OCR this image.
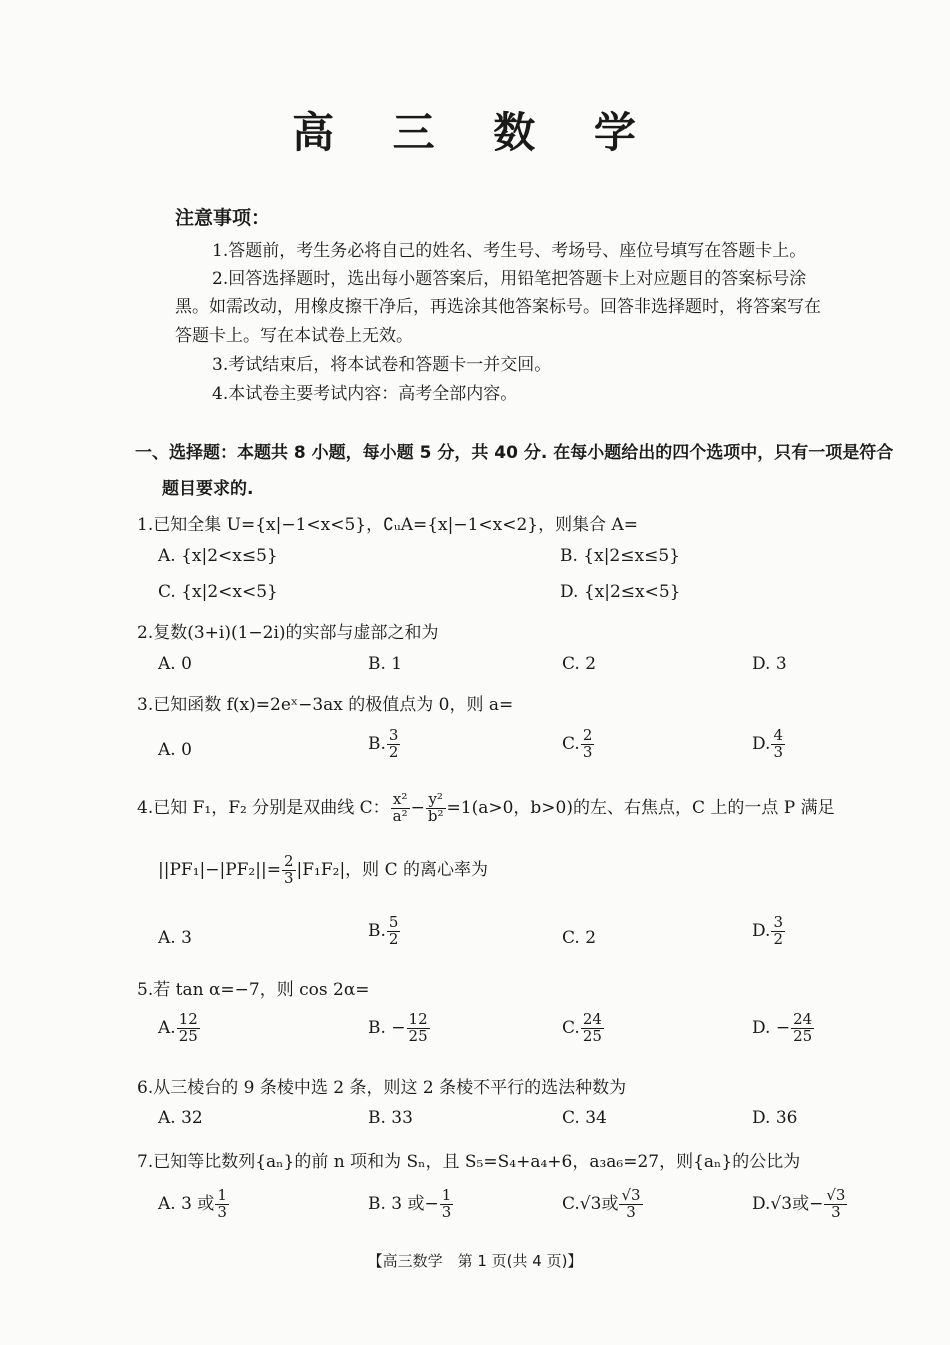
高 三 数 学
注意事项：
1.答题前，考生务必将自己的姓名、考生号、考场号、座位号填写在答题卡上。
2.回答选择题时，选出每小题答案后，用铅笔把答题卡上对应题目的答案标号涂
黑。如需改动，用橡皮擦干净后，再选涂其他答案标号。回答非选择题时，将答案写在
答题卡上。写在本试卷上无效。
3.考试结束后，将本试卷和答题卡一并交回。
4.本试卷主要考试内容：高考全部内容。
一、选择题：本题共 8 小题，每小题 5 分，共 40 分. 在每小题给出的四个选项中，只有一项是符合
题目要求的.
1.已知全集 U={x|−1<x<5}，∁ᵤA={x|−1<x<2}，则集合 A=
A. {x|2<x≤5}	B. {x|2≤x≤5}
C. {x|2<x<5}	D. {x|2≤x<5}
2.复数(3+i)(1−2i)的实部与虚部之和为
A. 0	B. 1	C. 2	D. 3
3.已知函数 f(x)=2eˣ−3ax 的极值点为 0，则 a=
A. 0	B. $\frac{3}{2}$	C. $\frac{2}{3}$	D. $\frac{4}{3}$
4.已知 F₁，F₂ 分别是双曲线 C： $\frac{\text{x²}}{\text{a²}} - \frac{\text{y²}}{\text{b²}} =1(a>0$，b>0)的左、右焦点，C 上的一点 P 满足
$||PF_1|-|PF_2||= \frac{2}{3} |F_1F_2|$，则 C 的离心率为
A. 3	B. $\frac{5}{2}$	C. 2	D. $\frac{3}{2}$
5.若 tan α=−7，则 cos 2α=
A. $\frac{12}{25}$	B. − $\frac{12}{25}$	C. $\frac{24}{25}$	D. − $\frac{24}{25}$
6.从三棱台的 9 条棱中选 2 条，则这 2 条棱不平行的选法种数为
A. 32	B. 33	C. 34	D. 36
7.已知等比数列{aₙ}的前 n 项和为 Sₙ，且 S₅=S₄+a₄+6，a₃a₆=27，则{aₙ}的公比为
A. 3 或 $\frac{1}{3}$	B. 3 或− $\frac{1}{3}$	C.√3或 $\frac{√3}{3}$	D.√3或− $\frac{√3}{3}$
【高三数学　第 1 页(共 4 页)】
